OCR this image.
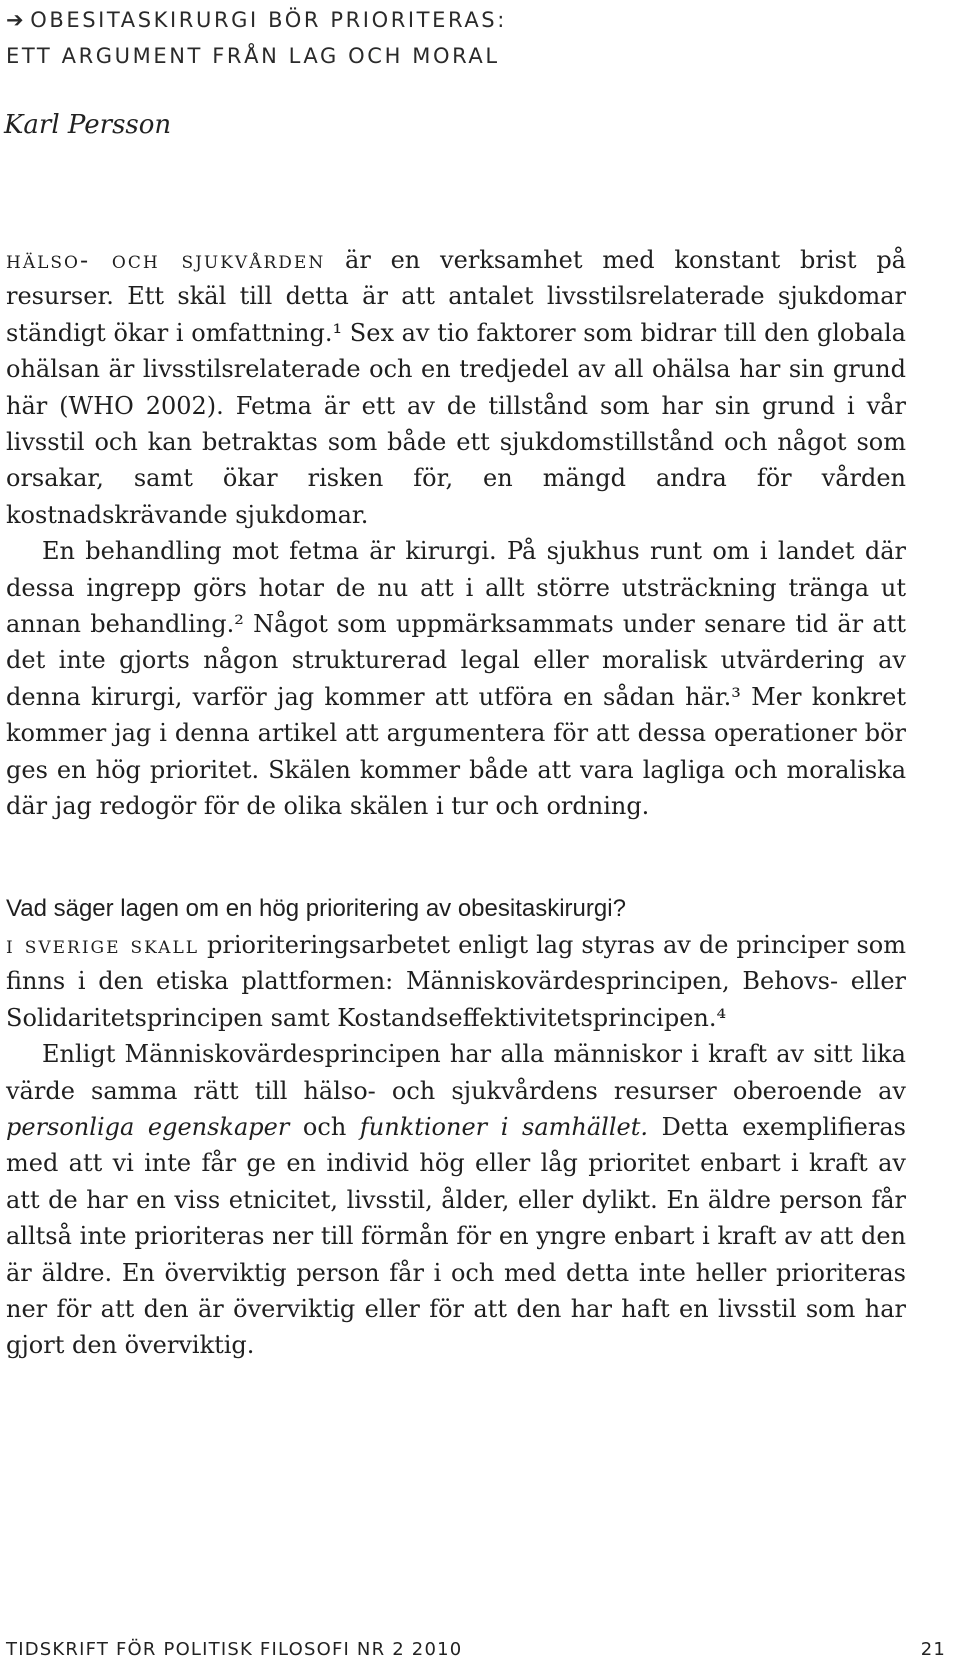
➔ OBESITASKIRURGI BÖR PRIORITERAS:
ETT ARGUMENT FRÅN LAG OCH MORAL
Karl Persson

hälso- och sjukvården är en verksamhet med konstant brist på resurser. Ett skäl till detta är att antalet livsstilsrelaterade sjukdomar ständigt ökar i omfattning.¹ Sex av tio faktorer som bidrar till den globala ohälsan är livsstilsrelaterade och en tredjedel av all ohälsa har sin grund här (WHO 2002). Fetma är ett av de tillstånd som har sin grund i vår livsstil och kan betraktas som både ett sjukdomstillstånd och något som orsakar, samt ökar risken för, en mängd andra för vården kostnadskrävande sjukdomar.

En behandling mot fetma är kirurgi. På sjukhus runt om i landet där dessa ingrepp görs hotar de nu att i allt större utsträckning tränga ut annan behandling.² Något som uppmärksammats under senare tid är att det inte gjorts någon strukturerad legal eller moralisk utvärdering av denna kirurgi, varför jag kommer att utföra en sådan här.³ Mer konkret kommer jag i denna artikel att argumentera för att dessa operationer bör ges en hög prioritet. Skälen kommer både att vara lagliga och moraliska där jag redogör för de olika skälen i tur och ordning.

Vad säger lagen om en hög prioritering av obesitaskirurgi?

i sverige skall prioriteringsarbetet enligt lag styras av de principer som finns i den etiska plattformen: Människovärdesprincipen, Behovs- eller Solidaritetsprincipen samt Kostandseffektivitetsprincipen.⁴

Enligt Människovärdesprincipen har alla människor i kraft av sitt lika värde samma rätt till hälso- och sjukvårdens resurser oberoende av personliga egenskaper och funktioner i samhället. Detta exemplifieras med att vi inte får ge en individ hög eller låg prioritet enbart i kraft av att de har en viss etnicitet, livsstil, ålder, eller dylikt. En äldre person får alltså inte prioriteras ner till förmån för en yngre enbart i kraft av att den är äldre. En överviktig person får i och med detta inte heller prioriteras ner för att den är överviktig eller för att den har haft en livsstil som har gjort den överviktig.

TIDSKRIFT FÖR POLITISK FILOSOFI NR 2 2010	21
